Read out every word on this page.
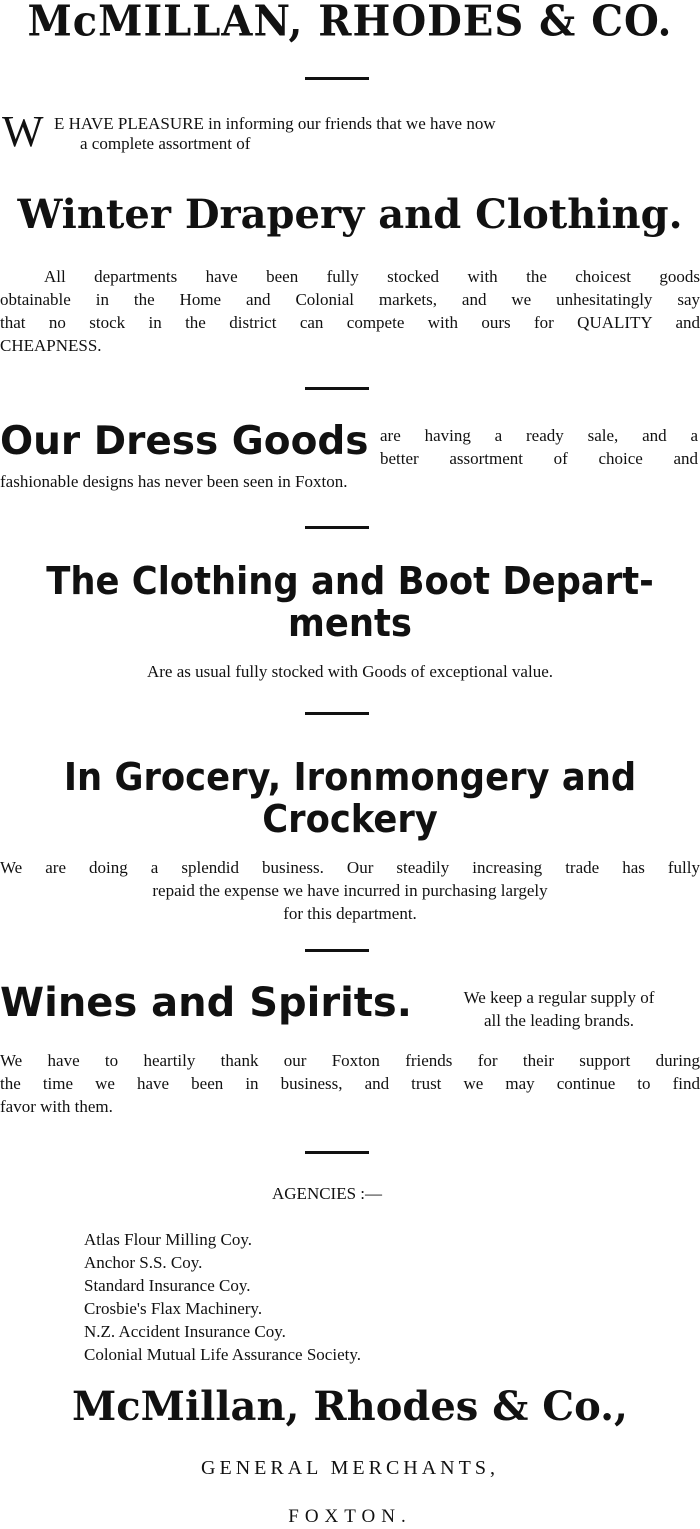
McMILLAN, RHODES & CO.
W E HAVE PLEASURE in informing our friends that we have now
a complete assortment of
Winter Drapery and Clothing.
All departments have been fully stocked with the choicest goods
obtainable in the Home and Colonial markets, and we unhesitatingly say
that no stock in the district can compete with ours for QUALITY and
CHEAPNESS.
Our Dress Goods are having a ready sale, and a
better assortment of choice and
fashionable designs has never been seen in Foxton.
The Clothing and Boot Depart-
ments
Are as usual fully stocked with Goods of exceptional value.
In Grocery, Ironmongery and
Crockery
We are doing a splendid business. Our steadily increasing trade has fully
repaid the expense we have incurred in purchasing largely
for this department.
Wines and Spirits.	We keep a regular supply of
all the leading brands.
We have to heartily thank our Foxton friends for their support during
the time we have been in business, and trust we may continue to find
favor with them.
AGENCIES :—
Atlas Flour Milling Coy.
Anchor S.S. Coy.
Standard Insurance Coy.
Crosbie's Flax Machinery.
N.Z. Accident Insurance Coy.
Colonial Mutual Life Assurance Society.
McMillan, Rhodes & Co.,
GENERAL MERCHANTS,
FOXTON.
